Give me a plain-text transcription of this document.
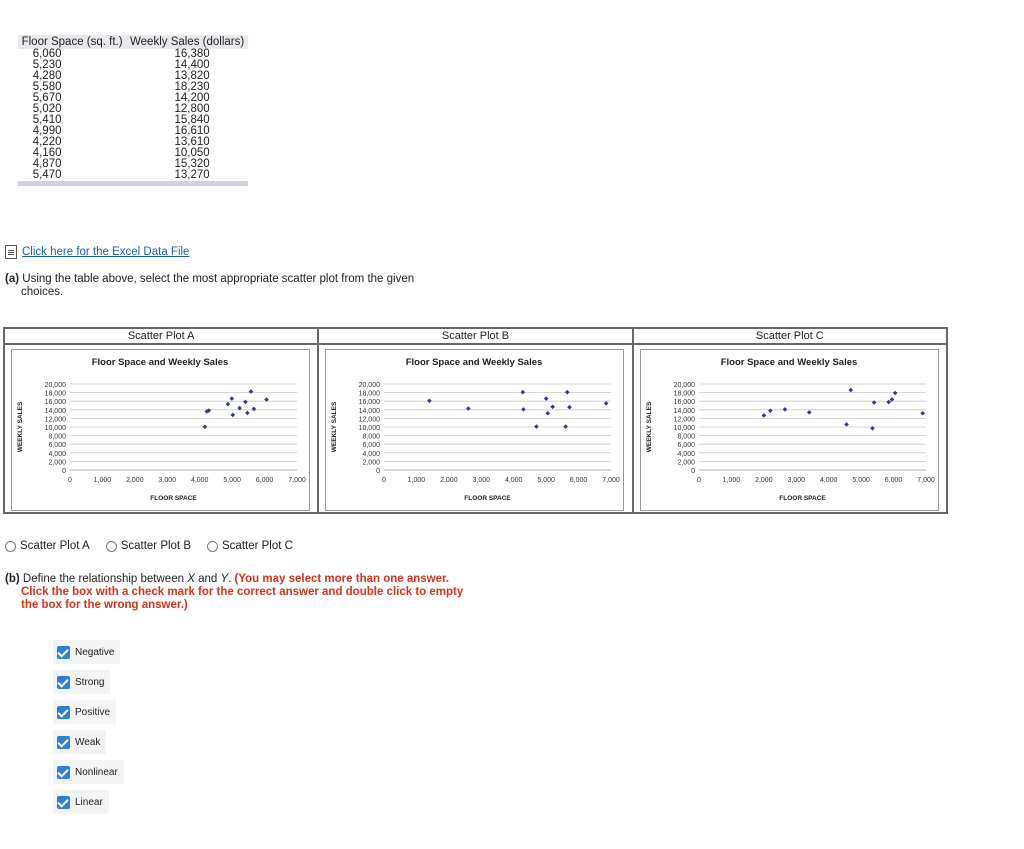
Floor Space (sq. ft.)	Weekly Sales (dollars)
6,060	16,380
5,230	14,400
4,280	13,820
5,580	18,230
5,670	14,200
5,020	12,800
5,410	15,840
4,990	16,610
4,220	13,610
4,160	10,050
4,870	15,320
5,470	13,270

Click here for the Excel Data File
(a) Using the table above, select the most appropriate scatter plot from the given
choices.
Scatter Plot A
Floor Space and Weekly Sales
0
2,000
4,000
6,000
8,000
10,000
12,000
14,000
16,000
18,000
20,000
0	1,000 2,000 3,000 4,000 5,000 6,000 7,000
FLOOR SPACE
WEEKLY SALES
Scatter Plot B
Floor Space and Weekly Sales
0
2,000
4,000
6,000
8,000
10,000
12,000
14,000
16,000
18,000
20,000
0	1,000 2,000 3,000 4,000 5,000 6,000 7,000
FLOOR SPACE
WEEKLY SALES
Scatter Plot C
Floor Space and Weekly Sales
0
2,000
4,000
6,000
8,000
10,000
12,000
14,000
16,000
18,000
20,000
0	1,000 2,000 3,000 4,000 5,000 6,000 7,000
FLOOR SPACE
WEEKLY SALES
Scatter Plot A	Scatter Plot B	Scatter Plot C
(b) Define the relationship between X and Y. (You may select more than one answer.
Click the box with a check mark for the correct answer and double click to empty
the box for the wrong answer.)
Negative
Strong
Positive
Weak
Nonlinear
Linear
